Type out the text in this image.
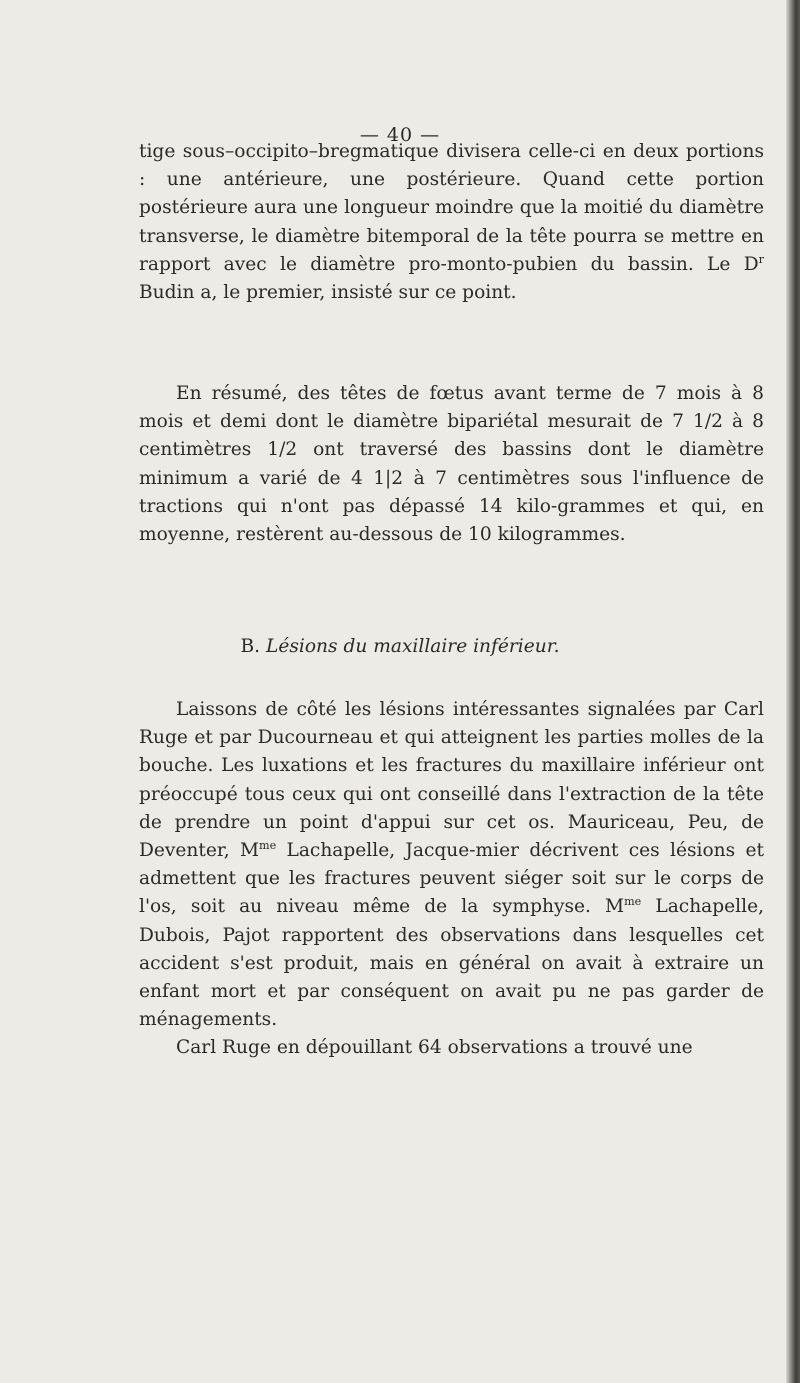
— 40 —

tige sous–occipito–bregmatique divisera celle-ci en deux portions : une antérieure, une postérieure. Quand cette portion postérieure aura une longueur moindre que la moitié du diamètre transverse, le diamètre bitemporal de la tête pourra se mettre en rapport avec le diamètre pro-monto-pubien du bassin. Le $D^r$ Budin a, le premier, insisté sur ce point.

En résumé, des têtes de fœtus avant terme de 7 mois à 8 mois et demi dont le diamètre bipariétal mesurait de 7 1/2 à 8 centimètres 1/2 ont traversé des bassins dont le diamètre minimum a varié de 4 1|2 à 7 centimètres sous l'influence de tractions qui n'ont pas dépassé 14 kilo-grammes et qui, en moyenne, restèrent au-dessous de 10 kilogrammes.

B. Lésions du maxillaire inférieur.

Laissons de côté les lésions intéressantes signalées par Carl Ruge et par Ducourneau et qui atteignent les parties molles de la bouche. Les luxations et les fractures du maxillaire inférieur ont préoccupé tous ceux qui ont conseillé dans l'extraction de la tête de prendre un point d'appui sur cet os. Mauriceau, Peu, de Deventer, $M^{me}$ Lachapelle, Jacque-mier décrivent ces lésions et admettent que les fractures peuvent siéger soit sur le corps de l'os, soit au niveau même de la symphyse. $M^{me}$ Lachapelle, Dubois, Pajot rapportent des observations dans lesquelles cet accident s'est produit, mais en général on avait à extraire un enfant mort et par conséquent on avait pu ne pas garder de ménagements.

Carl Ruge en dépouillant 64 observations a trouvé une
